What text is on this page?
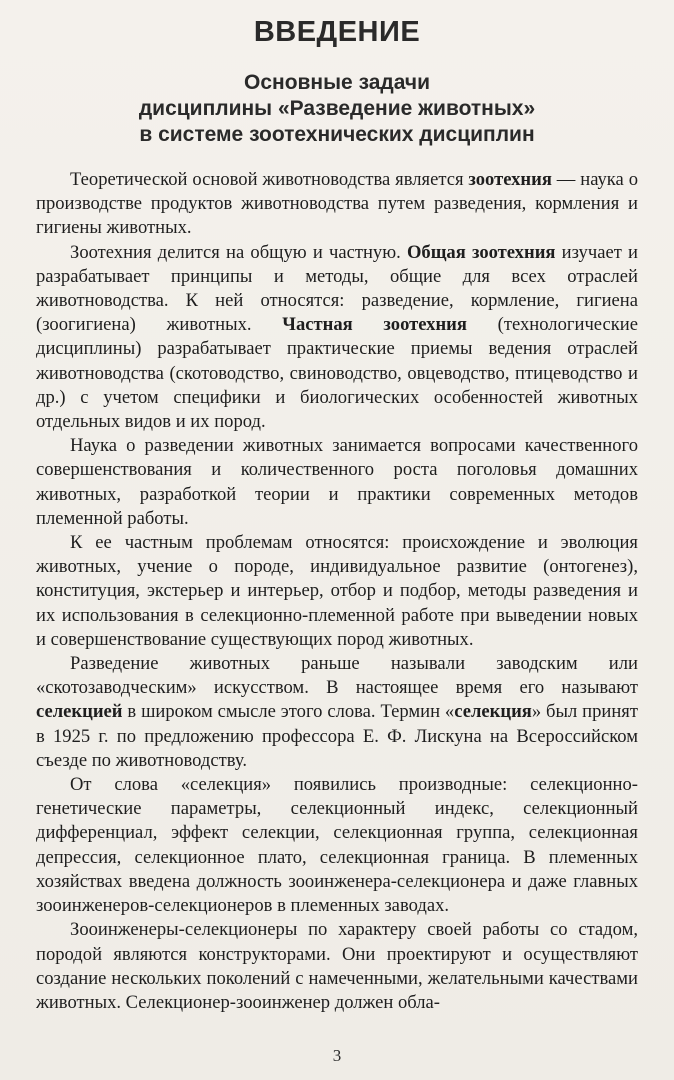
ВВЕДЕНИЕ
Основные задачи
дисциплины «Разведение животных»
в системе зоотехнических дисциплин

Теоретической основой животноводства является зоотехния — наука о производстве продуктов животноводства путем разведения, кормления и гигиены животных.

Зоотехния делится на общую и частную. Общая зоотехния изучает и разрабатывает принципы и методы, общие для всех отраслей животноводства. К ней относятся: разведение, кормление, гигиена (зоогигиена) животных. Частная зоотехния (технологические дисциплины) разрабатывает практические приемы ведения отраслей животноводства (скотоводство, свиноводство, овцеводство, птицеводство и др.) с учетом специфики и биологических особенностей животных отдельных видов и их пород.

Наука о разведении животных занимается вопросами качественного совершенствования и количественного роста поголовья домашних животных, разработкой теории и практики современных методов племенной работы.

К ее частным проблемам относятся: происхождение и эволюция животных, учение о породе, индивидуальное развитие (онтогенез), конституция, экстерьер и интерьер, отбор и подбор, методы разведения и их использования в селекционно-племенной работе при выведении новых и совершенствование существующих пород животных.

Разведение животных раньше называли заводским или «скотозаводческим» искусством. В настоящее время его называют селекцией в широком смысле этого слова. Термин «селекция» был принят в 1925 г. по предложению профессора Е. Ф. Лискуна на Всероссийском съезде по животноводству.

От слова «селекция» появились производные: селекционно-генетические параметры, селекционный индекс, селекционный дифференциал, эффект селекции, селекционная группа, селекционная депрессия, селекционное плато, селекционная граница. В племенных хозяйствах введена должность зооинженера-селекционера и даже главных зооинженеров-селекционеров в племенных заводах.

Зооинженеры-селекционеры по характеру своей работы со стадом, породой являются конструкторами. Они проектируют и осуществляют создание нескольких поколений с намеченными, желательными качествами животных. Селекционер-зооинженер должен обла-

3
